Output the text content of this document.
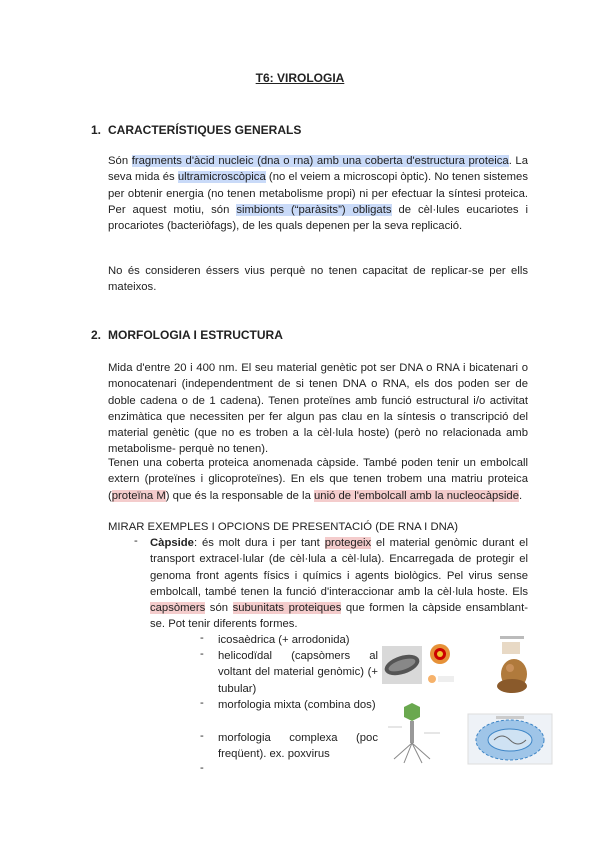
T6: VIROLOGIA
1. CARACTERÍSTIQUES GENERALS
Són fragments d'àcid nucleic (dna o rna) amb una coberta d'estructura proteica. La seva mida és ultramicroscòpica (no el veiem a microscopi òptic). No tenen sistemes per obtenir energia (no tenen metabolisme propi) ni per efectuar la síntesi proteica. Per aquest motiu, són simbionts (“paràsits”) obligats de cèl·lules eucariotes i procariotes (bacteriòfags), de les quals depenen per la seva replicació.
No és consideren éssers vius perquè no tenen capacitat de replicar-se per ells mateixos.
2. MORFOLOGIA I ESTRUCTURA
Mida d'entre 20 i 400 nm. El seu material genètic pot ser DNA o RNA i bicatenari o monocatenari (independentment de si tenen DNA o RNA, els dos poden ser de doble cadena o de 1 cadena). Tenen proteïnes amb funció estructural i/o activitat enzimàtica que necessiten per fer algun pas clau en la síntesis o transcripció del material genètic (que no es troben a la cèl·lula hoste) (però no relacionada amb metabolisme- perquè no tenen).
Tenen una coberta proteica anomenada càpside. També poden tenir un embolcall extern (proteïnes i glicoproteïnes). En els que tenen trobem una matriu proteica (proteïna M) que és la responsable de la unió de l'embolcall amb la nucleocàpside.
MIRAR EXEMPLES I OPCIONS DE PRESENTACIÓ (DE RNA I DNA)
- Càpside: és molt dura i per tant protegeix el material genòmic durant el transport extracel·lular (de cèl·lula a cèl·lula). Encarregada de protegir el genoma front agents físics i químics i agents biològics. Pel virus sense embolcall, també tenen la funció d'interaccionar amb la cèl·lula hoste. Els capsòmers són subunitats proteiques que formen la càpside ensamblant-se. Pot tenir diferents formes.
- icosaèdrica (+ arrodonida)
- helicodïdal (capsòmers al voltant del material genòmic) (+ tubular)
- morfologia mixta (combina dos)
- morfologia complexa (poc freqüent). ex. poxvirus
-
